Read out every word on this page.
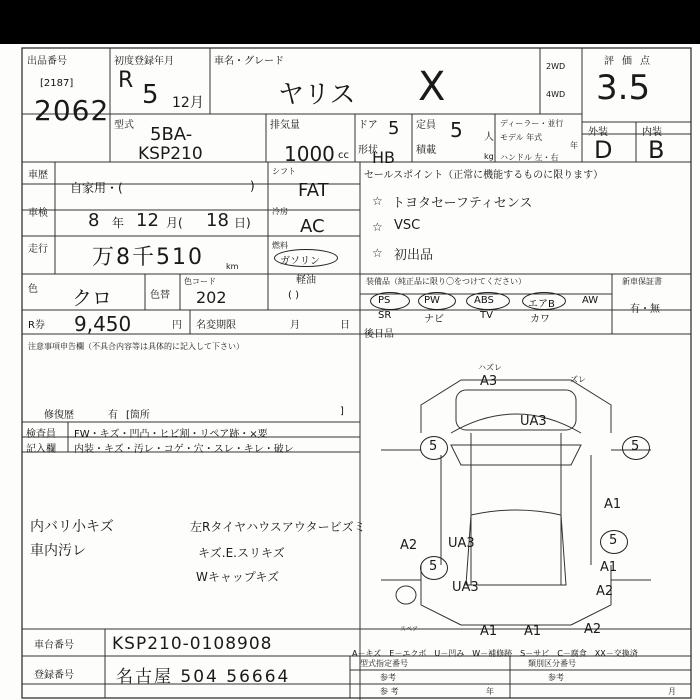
出品番号
[2187]
2062
初度登録年月
R 5 12月
車名・グレード
ヤリス X	2WD
4WD
評価点
3.5
外装	内装
D B
型式 5BA-
KSP210
排気量
1000 cc
ドア 5
形状
HB
定員 5 人
積載
kg
ディーラー・並行
モデル 年式
年
ハンドル 左・右
車歴
自家用・(	)
シフト
FAT
車検 8 年 12 月( 18 日)
冷房
AC
走行 万8千510	km
燃料
ガソリン
軽油
( )
色 クロ	色替
色コード
202
R券 9,450	円 名変期限	月	日
セールスポイント（正常に機能するものに限ります）
☆ トヨタセーフティセンス
☆ VSC
☆ 初出品
装備品（純正品に限り〇をつけてください）	新車保証書
有・無
PS	PW	ABS	エアB	AW
SR	ナビ	TV	カワ
後日品
注意事項申告欄（不具合内容等は具体的に記入して下さい）
修復歴	有 [箇所	]
検査員
記入欄
FW・キズ・凹凸・ヒビ割・リペア跡・×要
内装・キズ・汚レ・コゲ・穴・スレ・キレ・破レ
内バリ小キズ
車内汚レ
左Rタイヤハウスアウタービズミ
キズ.E.スリキズ
Wキャップキズ
ハズレ
A3	ズレ
UA3
5	5
5
5
A1
A2
A1
UA3
A2
UA3
A2
A1 A1
スペア
車台番号 KSP210-0108908	A－キズ　E－エクボ　U－凹み　W－補修跡　S－サビ　C－腐食　XX－交換済
登録番号 名古屋 504 56664
型式指定番号	類別区分番号
参考	参考
参 考	年	月
